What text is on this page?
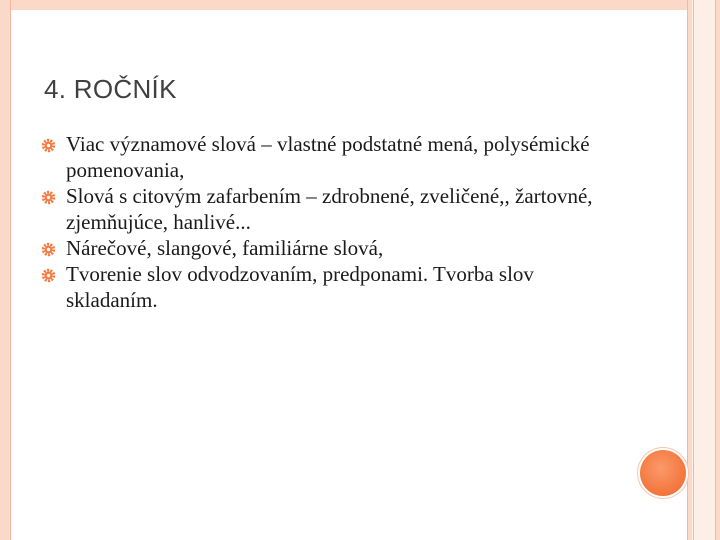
4. ROČNÍK
Viac významové slová – vlastné podstatné mená, polysémické pomenovania,
Slová s citovým zafarbením – zdrobnené, zveličené,, žartovné, zjemňujúce, hanlivé...
Nárečové, slangové, familiárne slová,
Tvorenie slov odvodzovaním, predponami. Tvorba slov skladaním.
